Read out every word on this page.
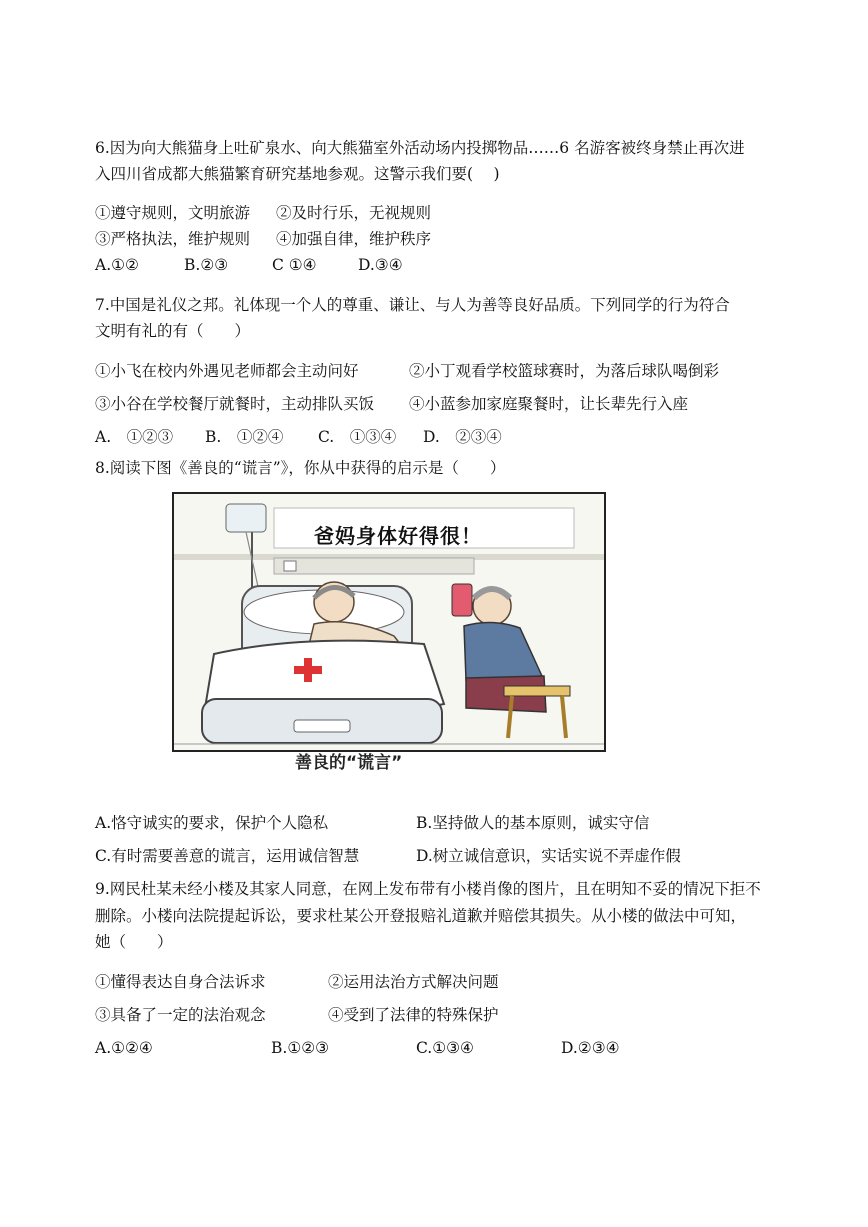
6.因为向大熊猫身上吐矿泉水、向大熊猫室外活动场内投掷物品……6 名游客被终身禁止再次进
入四川省成都大熊猫繁育研究基地参观。这警示我们要(　 )
①遵守规则，文明旅游 ②及时行乐，无视规则
③严格执法，维护规则 ④加强自律，维护秩序
A.①②	B.②③	C ①④	D.③④
7.中国是礼仪之邦。礼体现一个人的尊重、谦让、与人为善等良好品质。下列同学的行为符合
文明有礼的有（　　）
①小飞在校内外遇见老师都会主动问好	②小丁观看学校篮球赛时，为落后球队喝倒彩
③小谷在学校餐厅就餐时，主动排队买饭 ④小蓝参加家庭聚餐时，让长辈先行入座
A.　①②③ B.　①②④ C.　①③④ D.　②③④
8.阅读下图《善良的“谎言”》，你从中获得的启示是（　　）
爸妈身体好得很！
善良的“谎言”
A.恪守诚实的要求，保护个人隐私	B.坚持做人的基本原则，诚实守信
C.有时需要善意的谎言，运用诚信智慧	D.树立诚信意识，实话实说不弄虚作假
9.网民杜某未经小楼及其家人同意，在网上发布带有小楼肖像的图片，且在明知不妥的情况下拒不
删除。小楼向法院提起诉讼，要求杜某公开登报赔礼道歉并赔偿其损失。从小楼的做法中可知，
她（　　）
①懂得表达自身合法诉求	②运用法治方式解决问题
③具备了一定的法治观念	④受到了法律的特殊保护
A.①②④	B.①②③	C.①③④	D.②③④
